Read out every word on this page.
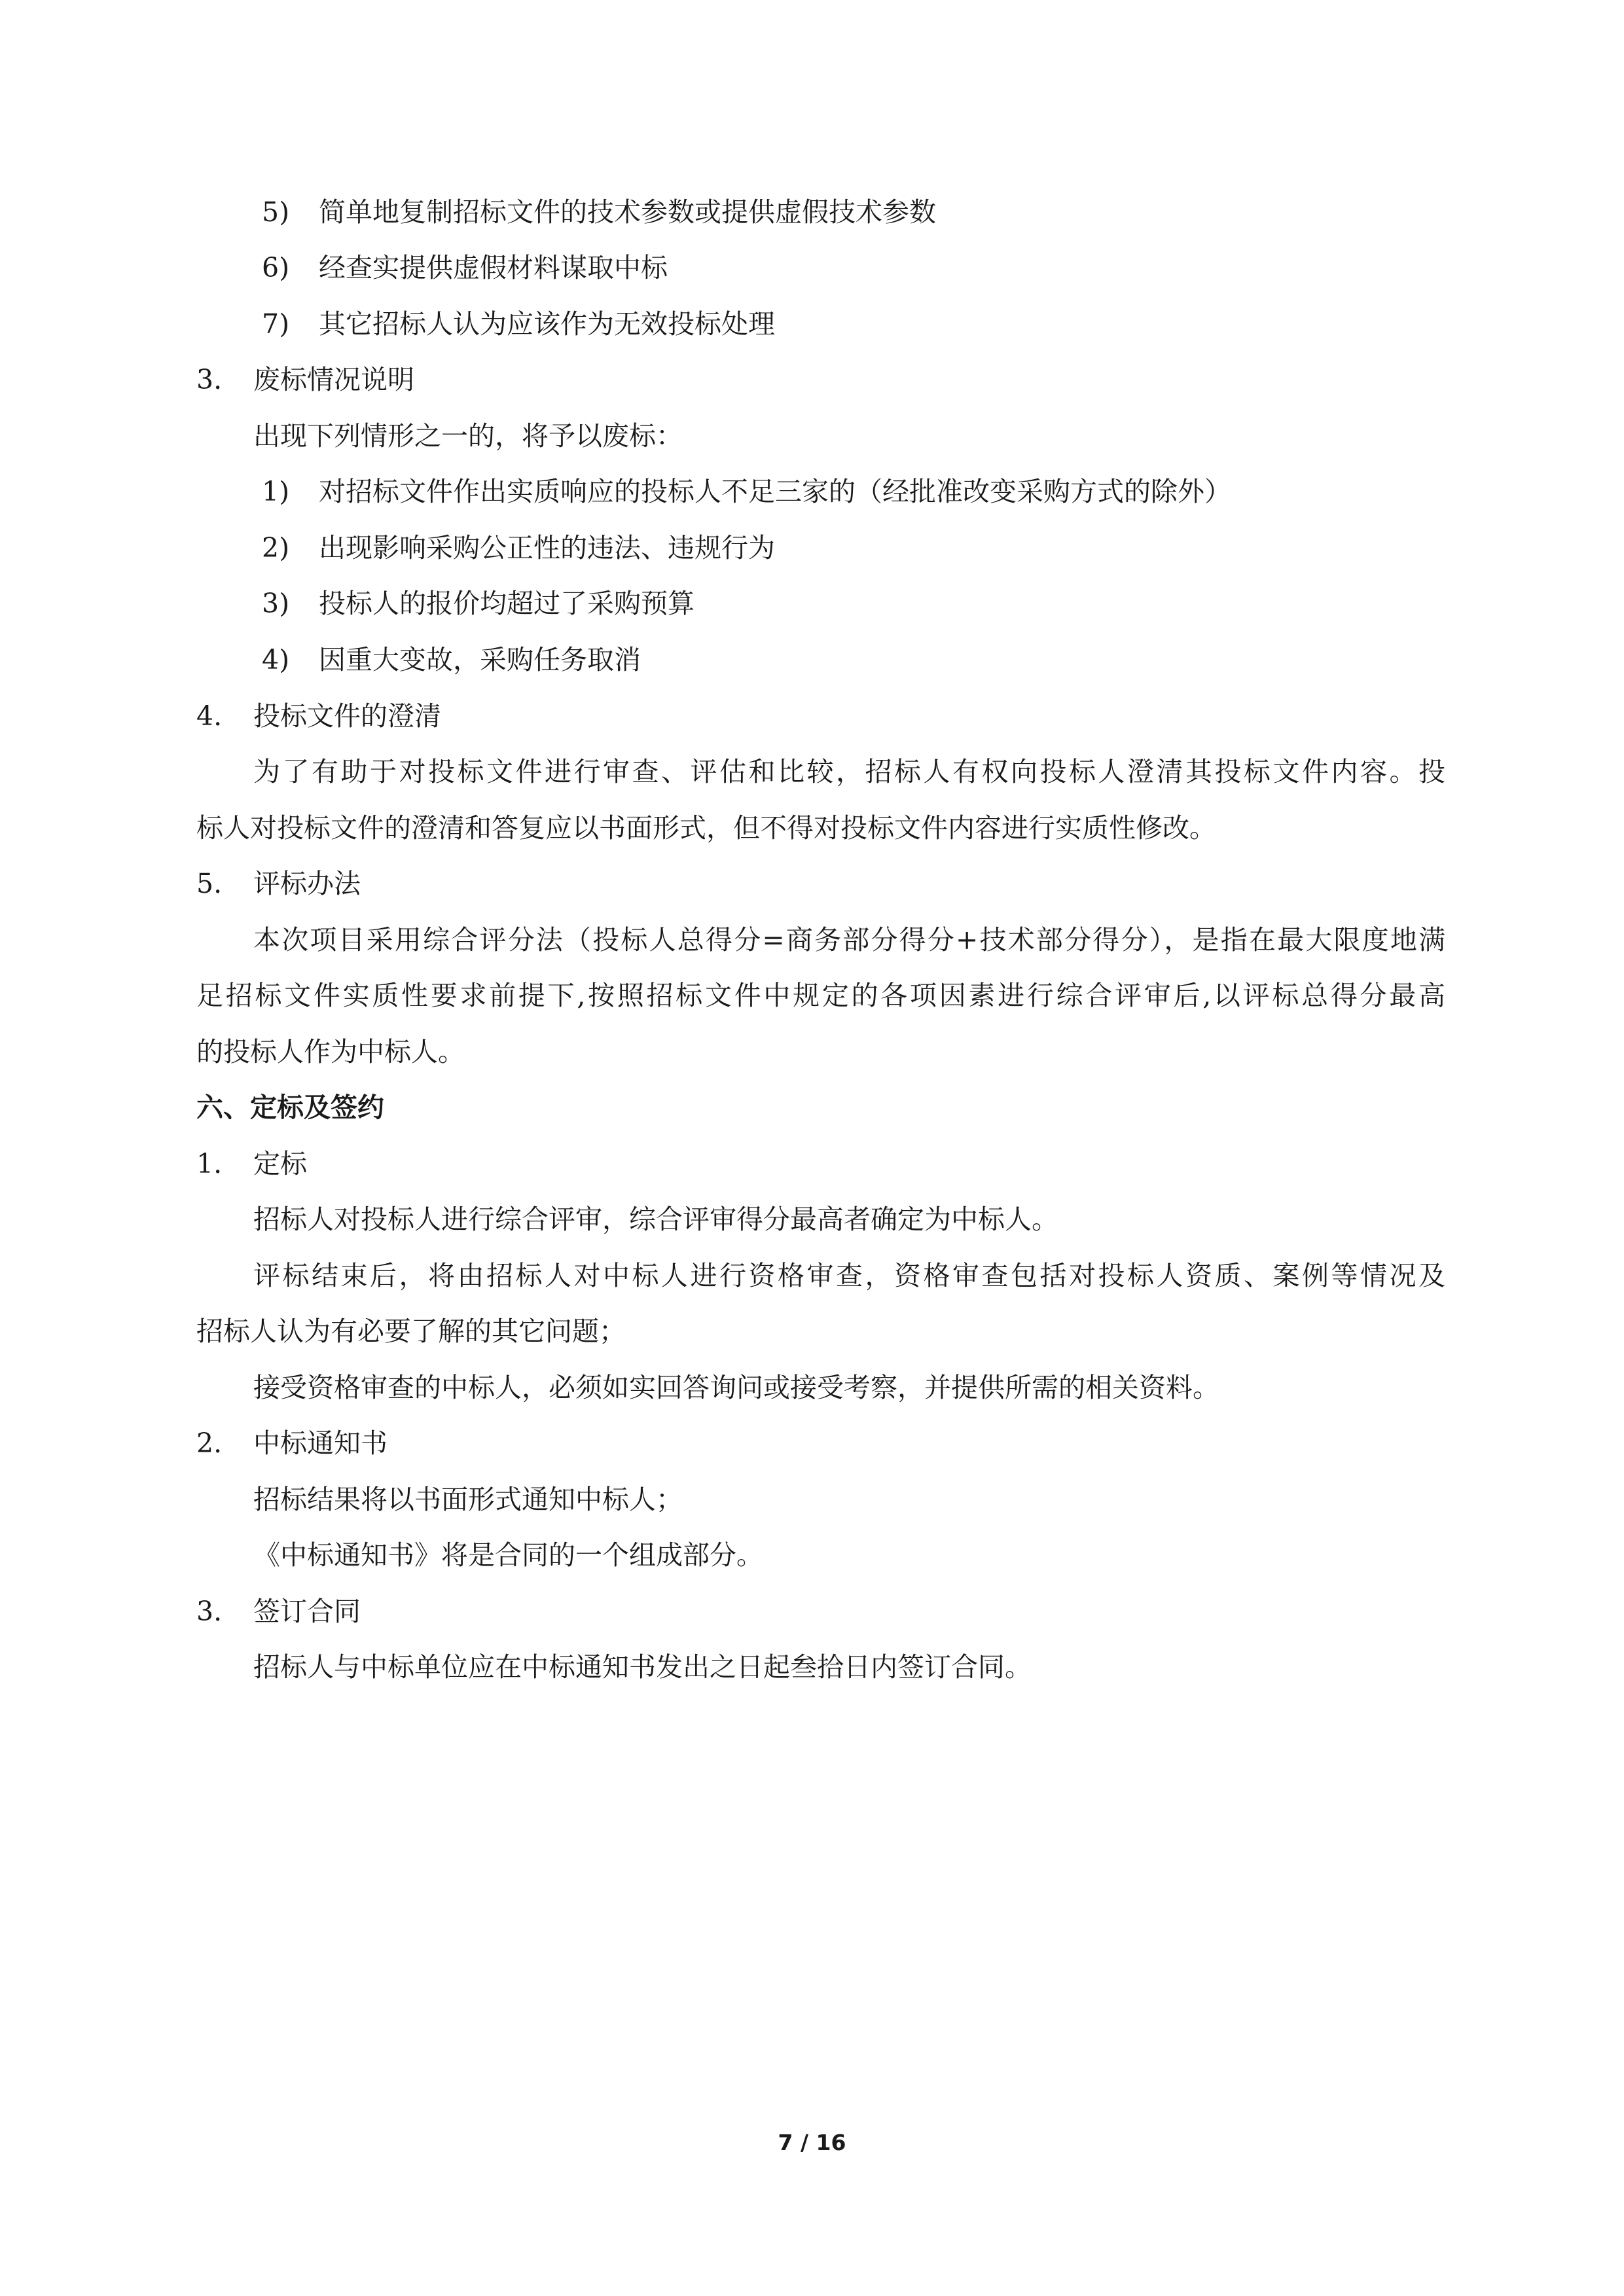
5) 简单地复制招标文件的技术参数或提供虚假技术参数
6) 经查实提供虚假材料谋取中标
7) 其它招标人认为应该作为无效投标处理
3. 废标情况说明
出现下列情形之一的，将予以废标：
1) 对招标文件作出实质响应的投标人不足三家的（经批准改变采购方式的除外）
2) 出现影响采购公正性的违法、违规行为
3) 投标人的报价均超过了采购预算
4) 因重大变故，采购任务取消
4. 投标文件的澄清
为了有助于对投标文件进行审查、评估和比较，招标人有权向投标人澄清其投标文件内容。投
标人对投标文件的澄清和答复应以书面形式，但不得对投标文件内容进行实质性修改。
5. 评标办法
本次项目采用综合评分法（投标人总得分=商务部分得分+技术部分得分），是指在最大限度地满
足招标文件实质性要求前提下,按照招标文件中规定的各项因素进行综合评审后,以评标总得分最高
的投标人作为中标人。
六、定标及签约
1. 定标
招标人对投标人进行综合评审，综合评审得分最高者确定为中标人。
评标结束后，将由招标人对中标人进行资格审查，资格审查包括对投标人资质、案例等情况及
招标人认为有必要了解的其它问题；
接受资格审查的中标人，必须如实回答询问或接受考察，并提供所需的相关资料。
2. 中标通知书
招标结果将以书面形式通知中标人；
《中标通知书》将是合同的一个组成部分。
3. 签订合同
招标人与中标单位应在中标通知书发出之日起叁拾日内签订合同。
7 / 16
